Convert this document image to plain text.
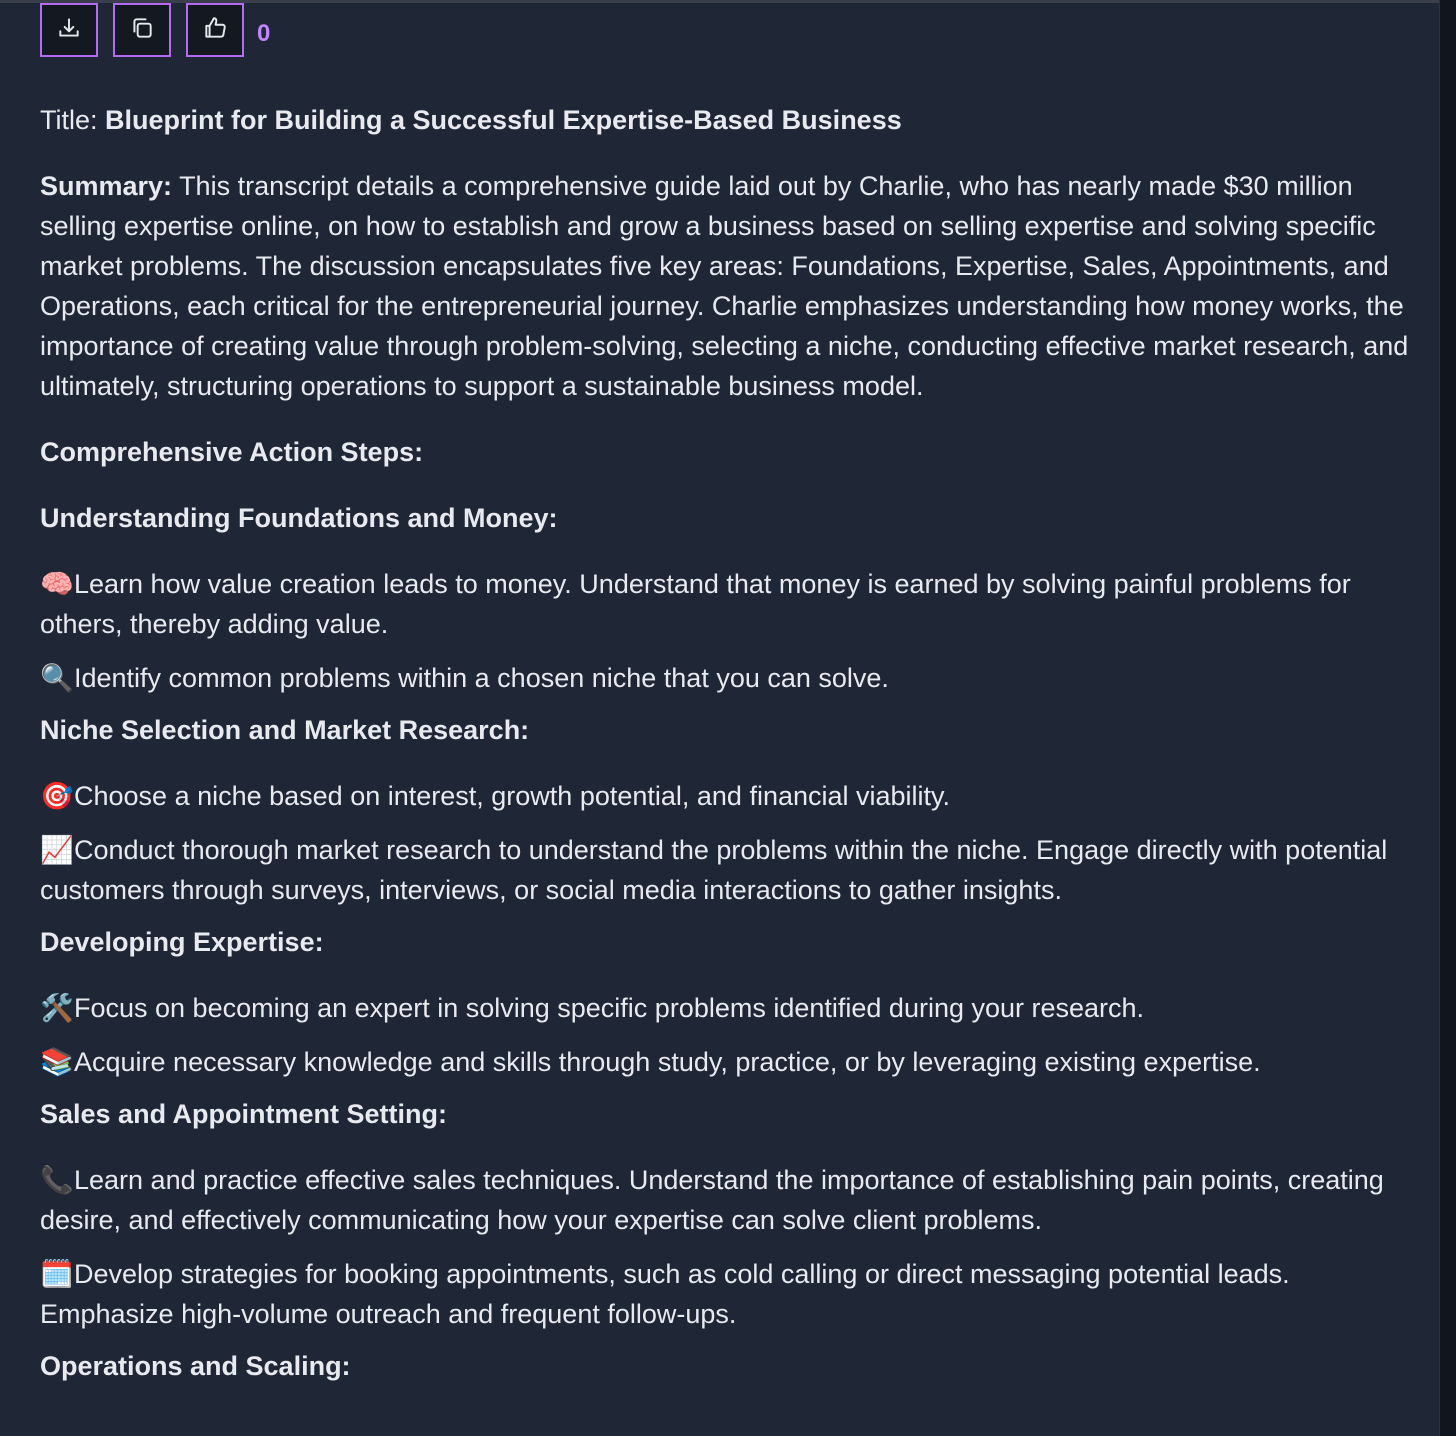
0

Title: Blueprint for Building a Successful Expertise-Based Business

Summary: This transcript details a comprehensive guide laid out by Charlie, who has nearly made $30 million selling expertise online, on how to establish and grow a business based on selling expertise and solving specific market problems. The discussion encapsulates five key areas: Foundations, Expertise, Sales, Appointments, and Operations, each critical for the entrepreneurial journey. Charlie emphasizes understanding how money works, the importance of creating value through problem-solving, selecting a niche, conducting effective market research, and ultimately, structuring operations to support a sustainable business model.

Comprehensive Action Steps:

Understanding Foundations and Money:

🧠Learn how value creation leads to money. Understand that money is earned by solving painful problems for others, thereby adding value.

🔍Identify common problems within a chosen niche that you can solve.

Niche Selection and Market Research:

🎯Choose a niche based on interest, growth potential, and financial viability.

📈Conduct thorough market research to understand the problems within the niche. Engage directly with potential customers through surveys, interviews, or social media interactions to gather insights.

Developing Expertise:

🛠️Focus on becoming an expert in solving specific problems identified during your research.

📚Acquire necessary knowledge and skills through study, practice, or by leveraging existing expertise.

Sales and Appointment Setting:

📞Learn and practice effective sales techniques. Understand the importance of establishing pain points, creating desire, and effectively communicating how your expertise can solve client problems.

🗓️Develop strategies for booking appointments, such as cold calling or direct messaging potential leads. Emphasize high-volume outreach and frequent follow-ups.

Operations and Scaling:
